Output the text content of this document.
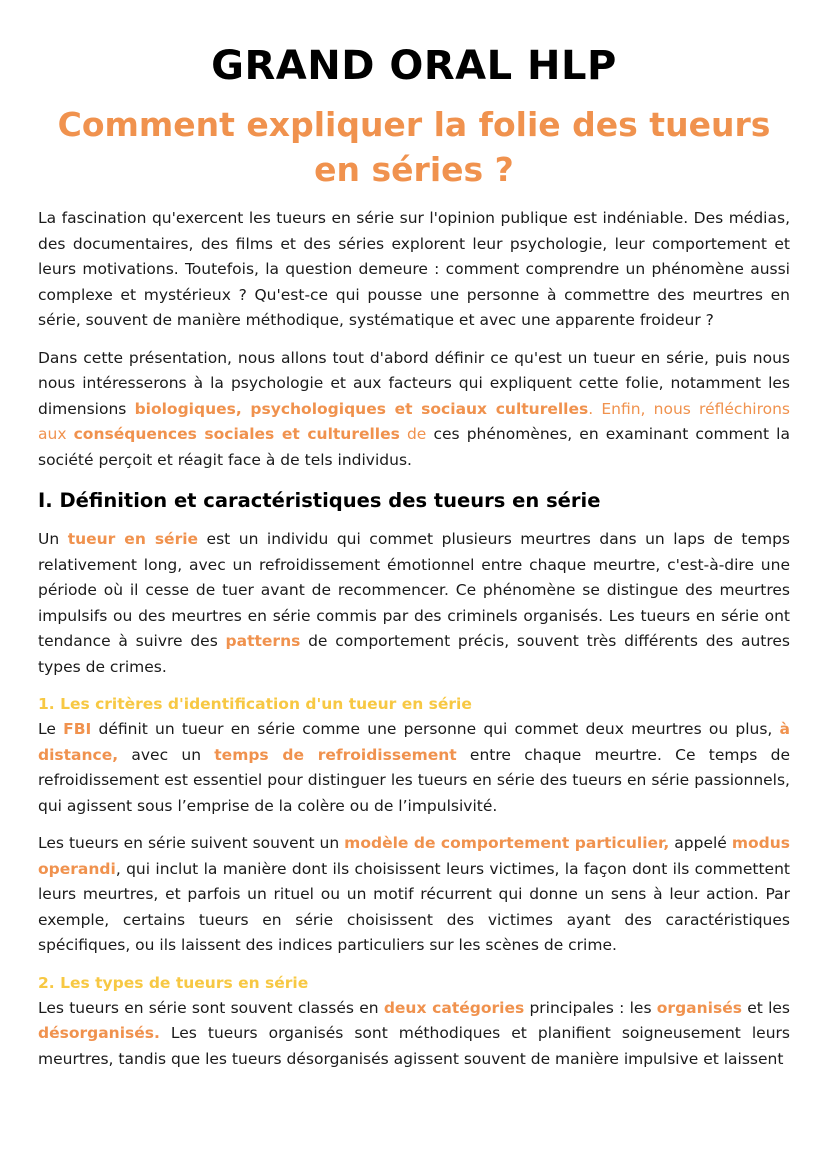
GRAND ORAL HLP
Comment expliquer la folie des tueurs en séries ?

La fascination qu'exercent les tueurs en série sur l'opinion publique est indéniable. Des médias, des documentaires, des films et des séries explorent leur psychologie, leur comportement et leurs motivations. Toutefois, la question demeure : comment comprendre un phénomène aussi complexe et mystérieux ? Qu'est-ce qui pousse une personne à commettre des meurtres en série, souvent de manière méthodique, systématique et avec une apparente froideur ?

Dans cette présentation, nous allons tout d'abord définir ce qu'est un tueur en série, puis nous nous intéresserons à la psychologie et aux facteurs qui expliquent cette folie, notamment les dimensions biologiques, psychologiques et sociaux culturelles. Enfin, nous réfléchirons aux conséquences sociales et culturelles de ces phénomènes, en examinant comment la société perçoit et réagit face à de tels individus.

I. Définition et caractéristiques des tueurs en série

Un tueur en série est un individu qui commet plusieurs meurtres dans un laps de temps relativement long, avec un refroidissement émotionnel entre chaque meurtre, c'est-à-dire une période où il cesse de tuer avant de recommencer. Ce phénomène se distingue des meurtres impulsifs ou des meurtres en série commis par des criminels organisés. Les tueurs en série ont tendance à suivre des patterns de comportement précis, souvent très différents des autres types de crimes.

1. Les critères d'identification d'un tueur en série

Le FBI définit un tueur en série comme une personne qui commet deux meurtres ou plus, à distance, avec un temps de refroidissement entre chaque meurtre. Ce temps de refroidissement est essentiel pour distinguer les tueurs en série des tueurs en série passionnels, qui agissent sous l’emprise de la colère ou de l’impulsivité.

Les tueurs en série suivent souvent un modèle de comportement particulier, appelé modus operandi, qui inclut la manière dont ils choisissent leurs victimes, la façon dont ils commettent leurs meurtres, et parfois un rituel ou un motif récurrent qui donne un sens à leur action. Par exemple, certains tueurs en série choisissent des victimes ayant des caractéristiques spécifiques, ou ils laissent des indices particuliers sur les scènes de crime.

2. Les types de tueurs en série

Les tueurs en série sont souvent classés en deux catégories principales : les organisés et les désorganisés. Les tueurs organisés sont méthodiques et planifient soigneusement leurs meurtres, tandis que les tueurs désorganisés agissent souvent de manière impulsive et laissent
